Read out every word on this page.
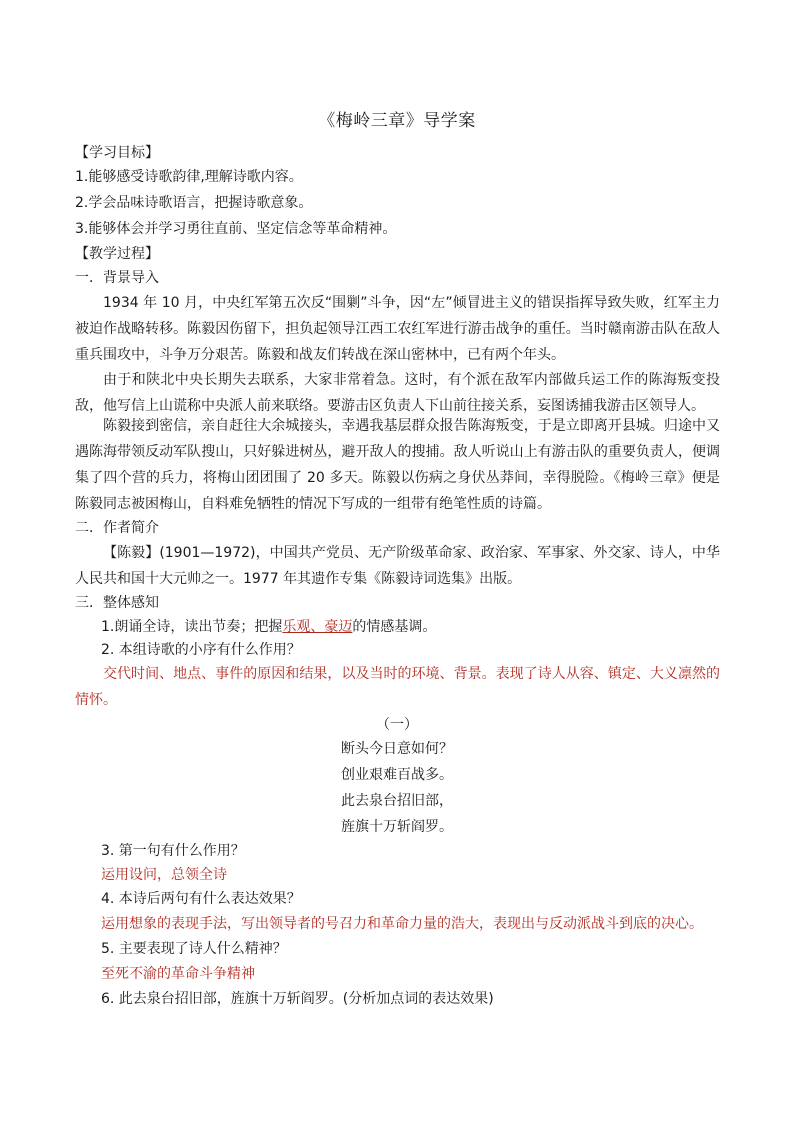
《梅岭三章》导学案
【学习目标】
1.能够感受诗歌韵律,理解诗歌内容。
2.学会品味诗歌语言，把握诗歌意象。
3.能够体会并学习勇往直前、坚定信念等革命精神。
【教学过程】
一．背景导入
1934 年 10 月，中央红军第五次反“围剿”斗争，因“左”倾冒进主义的错误指挥导致失败，红军主力被迫作战略转移。陈毅因伤留下，担负起领导江西工农红军进行游击战争的重任。当时赣南游击队在敌人重兵围攻中，斗争万分艰苦。陈毅和战友们转战在深山密林中，已有两个年头。
由于和陕北中央长期失去联系，大家非常着急。这时，有个派在敌军内部做兵运工作的陈海叛变投敌，他写信上山谎称中央派人前来联络。要游击区负责人下山前往接关系，妄图诱捕我游击区领导人。
陈毅接到密信，亲自赶往大余城接头，幸遇我基层群众报告陈海叛变，于是立即离开县城。归途中又遇陈海带领反动军队搜山，只好躲进树丛，避开敌人的搜捕。敌人听说山上有游击队的重要负责人，便调集了四个营的兵力，将梅山团团围了 20 多天。陈毅以伤病之身伏丛莽间，幸得脱险。《梅岭三章》便是陈毅同志被困梅山，自料难免牺牲的情况下写成的一组带有绝笔性质的诗篇。
二．作者简介
【陈毅】(1901—1972)，中国共产党员、无产阶级革命家、政治家、军事家、外交家、诗人，中华人民共和国十大元帅之一。1977 年其遗作专集《陈毅诗词选集》出版。
三．整体感知
1.朗诵全诗，读出节奏；把握乐观、豪迈的情感基调。
2. 本组诗歌的小序有什么作用？
交代时间、地点、事件的原因和结果，以及当时的环境、背景。表现了诗人从容、镇定、大义凛然的情怀。
（一）
断头今日意如何？
创业艰难百战多。
此去泉台招旧部，
旌旗十万斩阎罗。
3. 第一句有什么作用？
运用设问，总领全诗
4. 本诗后两句有什么表达效果？
运用想象的表现手法，写出领导者的号召力和革命力量的浩大，表现出与反动派战斗到底的决心。
5. 主要表现了诗人什么精神？
至死不渝的革命斗争精神
6. 此去泉台招旧部，旌旗十万斩阎罗。(分析加点词的表达效果)
